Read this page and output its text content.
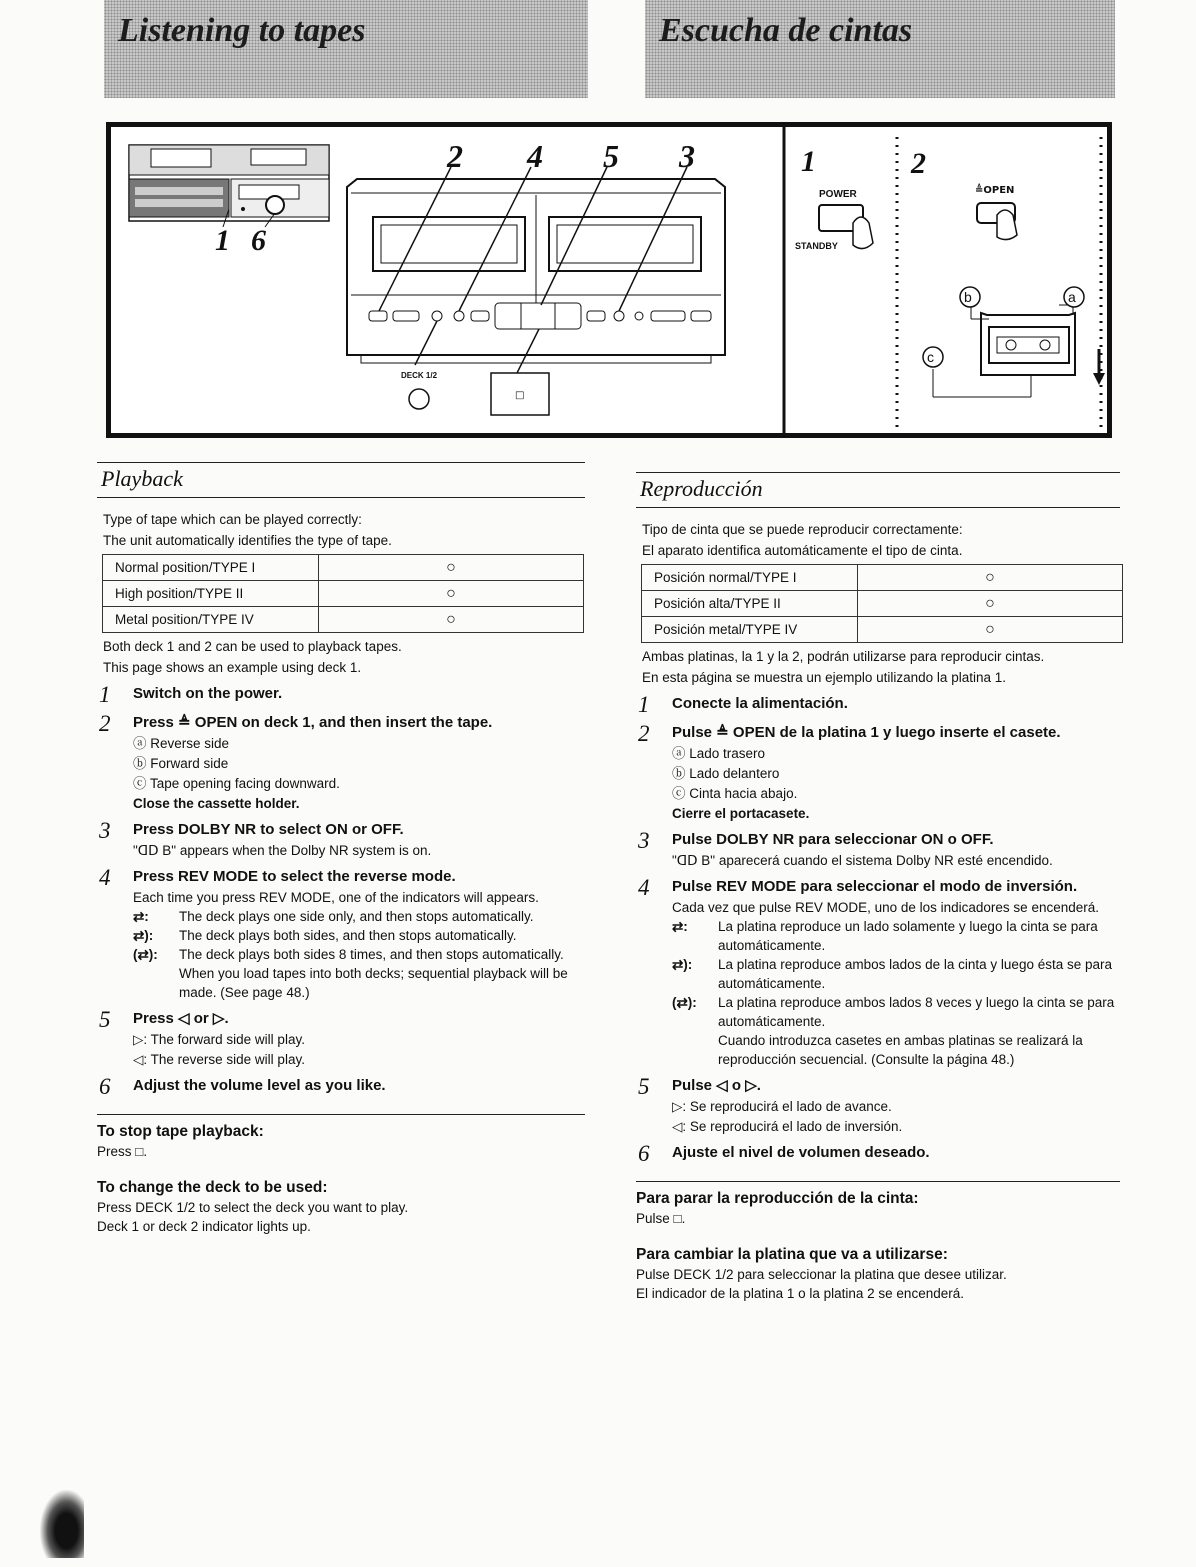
Listening to tapes	Escucha de cintas
1 6
2 4 5 3
DECK 1/2
□
1
POWER
STANDBY
2
≜OPEN
b	a
c
Playback
Type of tape which can be played correctly:
The unit automatically identifies the type of tape.
Normal position/TYPE I	○
High position/TYPE II	○
Metal position/TYPE IV	○
Both deck 1 and 2 can be used to playback tapes.
This page shows an example using deck 1.
1	Switch on the power.
2	Press ≜ OPEN on deck 1, and then insert the tape.
ⓐ Reverse side
ⓑ Forward side
ⓒ Tape opening facing downward.
Close the cassette holder.
3	Press DOLBY NR to select ON or OFF.
"ᗡᗞ B" appears when the Dolby NR system is on.
4	Press REV MODE to select the reverse mode.
Each time you press REV MODE, one of the indicators will appears.
⇄:	The deck plays one side only, and then stops automatically.
⇄):	The deck plays both sides, and then stops automatically.
(⇄):	The deck plays both sides 8 times, and then stops automatically.
When you load tapes into both decks; sequential playback will be made. (See page 48.)
5	Press ◁ or ▷.
▷: The forward side will play.
◁: The reverse side will play.
6	Adjust the volume level as you like.
To stop tape playback:
Press □.
To change the deck to be used:
Press DECK 1/2 to select the deck you want to play.
Deck 1 or deck 2 indicator lights up.
Reproducción
Tipo de cinta que se puede reproducir correctamente:
El aparato identifica automáticamente el tipo de cinta.
Posición normal/TYPE I	○
Posición alta/TYPE II	○
Posición metal/TYPE IV	○
Ambas platinas, la 1 y la 2, podrán utilizarse para reproducir cintas.
En esta página se muestra un ejemplo utilizando la platina 1.
1	Conecte la alimentación.
2	Pulse ≜ OPEN de la platina 1 y luego inserte el casete.
ⓐ Lado trasero
ⓑ Lado delantero
ⓒ Cinta hacia abajo.
Cierre el portacasete.
3	Pulse DOLBY NR para seleccionar ON o OFF.
"ᗡᗞ B" aparecerá cuando el sistema Dolby NR esté encendido.
4	Pulse REV MODE para seleccionar el modo de inversión.
Cada vez que pulse REV MODE, uno de los indicadores se encenderá.
⇄:	La platina reproduce un lado solamente y luego la cinta se para automáticamente.
⇄):	La platina reproduce ambos lados de la cinta y luego ésta se para automáticamente.
(⇄):	La platina reproduce ambos lados 8 veces y luego la cinta se para automáticamente.
Cuando introduzca casetes en ambas platinas se realizará la reproducción secuencial. (Consulte la página 48.)
5	Pulse ◁ o ▷.
▷: Se reproducirá el lado de avance.
◁: Se reproducirá el lado de inversión.
6	Ajuste el nivel de volumen deseado.
Para parar la reproducción de la cinta:
Pulse □.
Para cambiar la platina que va a utilizarse:
Pulse DECK 1/2 para seleccionar la platina que desee utilizar.
El indicador de la platina 1 o la platina 2 se encenderá.
